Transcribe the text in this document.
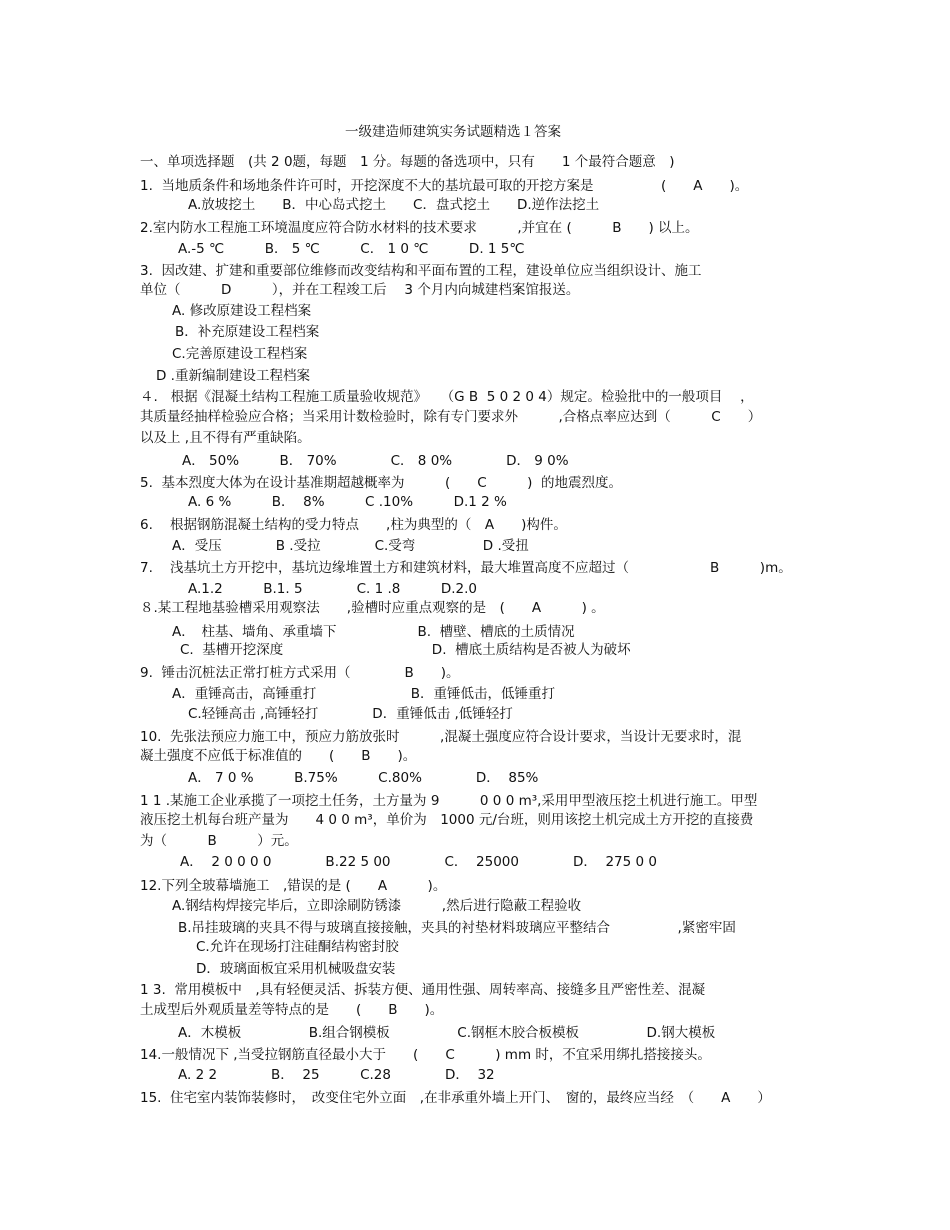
一级建造师建筑实务试题精选１答案
一、单项选择题　(共 2 0题，每题　1 分。每题的备选项中，只有　　1 个最符合题意　)
1.  当地质条件和场地条件许可时，开挖深度不大的基坑最可取的开挖方案是　　　　　(　　A　　)。
A.放坡挖土　　B．中心岛式挖土　　C．盘式挖土　　D.逆作法挖土
2.室内防水工程施工环境温度应符合防水材料的技术要求　　　,并宜在 (　　　B　　) 以上。
A.-5 ℃　　　B． 5 ℃　　　C． 1 0 ℃　　　D. 1 5℃
3.  因改建、扩建和重要部位维修而改变结构和平面布置的工程，建设单位应当组织设计、施工
单位（　　　D　　　），并在工程竣工后　 3 个月内向城建档案馆报送。
A. 修改原建设工程档案
B．补充原建设工程档案
C.完善原建设工程档案
D .重新编制建设工程档案
４.   根据《混凝土结构工程施工质量验收规范》　　（G B  5 0 2 0 4）规定。检验批中的一般项目　 ，
其质量经抽样检验应合格；当采用计数检验时，除有专门要求外　　　,合格点率应达到（　　　C　　）
以及上 ,且不得有严重缺陷。
A． 50%　　　B． 70%　　　　C． 8 0%　　　　D． 9 0%
5.  基本烈度大体为在设计基准期超越概率为　　　(　　C　　　)  的地震烈度。
A. 6 %　　　B．  8%　　　C .10%　　　D.1 2 %
6.    根据钢筋混凝土结构的受力特点　　,柱为典型的（　A　　)构件。
A．受压　　　　B .受拉　　　　C.受弯　　　　　D .受扭
7.    浅基坑土方开挖中，基坑边缘堆置土方和建筑材料，最大堆置高度不应超过（　　　　　　B　　　)m。
A.1.2　　　B.1. 5　　　　C. 1 .8　　　D.2.0
８.某工程地基验槽采用观察法　　,验槽时应重点观察的是　(　　A　　　) 。
A．　柱基、墙角、承重墙下　　　　　　B.  槽壁、槽底的土质情况
C.  基槽开挖深度　　　　　　　　　　　D.  槽底土质结构是否被人为破坏
9.  锤击沉桩法正常打桩方式采用（　　　　B　　)。
A．重锤高击，高锤重打　　　　　　　B．重锤低击，低锤重打
C.轻锤高击 ,高锤轻打　　　　D．重锤低击 ,低锤轻打
10.  先张法预应力施工中，预应力筋放张时　　　,混凝土强度应符合设计要求，当设计无要求时，混
凝土强度不应低于标准值的　　(　　B　　)。
A． 7 0 %　　　B.75%　　　C.80%　　　　D．  85%
1 1 .某施工企业承揽了一项挖土任务，土方量为 9　　　0 0 0 m³,采用甲型液压挖土机进行施工。甲型
液压挖土机每台班产量为　　4 0 0 m³，单价为　1000 元/台班，则用该挖土机完成土方开挖的直接费
为（　　　B　　　）元。
A．  2 0 0 0 0　　　　B.22 5 00　　　　C．  25000　　　　D．  275 0 0
12.下列全玻幕墙施工　,错误的是 (　　A　　　)。
A.钢结构焊接完毕后，立即涂刷防锈漆　　　,然后进行隐蔽工程验收
B.吊挂玻璃的夹具不得与玻璃直接接触，夹具的衬垫材料玻璃应平整结合　　　　　,紧密牢固
C.允许在现场打注硅酮结构密封胶
D．玻璃面板宜采用机械吸盘安装
1 3.  常用模板中　,具有轻便灵活、拆装方便、通用性强、周转率高、接缝多且严密性差、混凝
土成型后外观质量差等特点的是　　(　　B　　)。
A．木模板　　　　　B.组合钢模板　　　　　C.钢框木胶合板模板　　　　　D.钢大模板
14.一般情况下 ,当受拉钢筋直径最小大于　　(　　C　　　) mm 时，不宜采用绑扎搭接接头。
A. 2 2　　　　B．  25　　　C.28　　　　D．  32
15.  住宅室内装饰装修时，　改变住宅外立面　,在非承重外墙上开门、　窗的，最终应当经　（　　A　　）
